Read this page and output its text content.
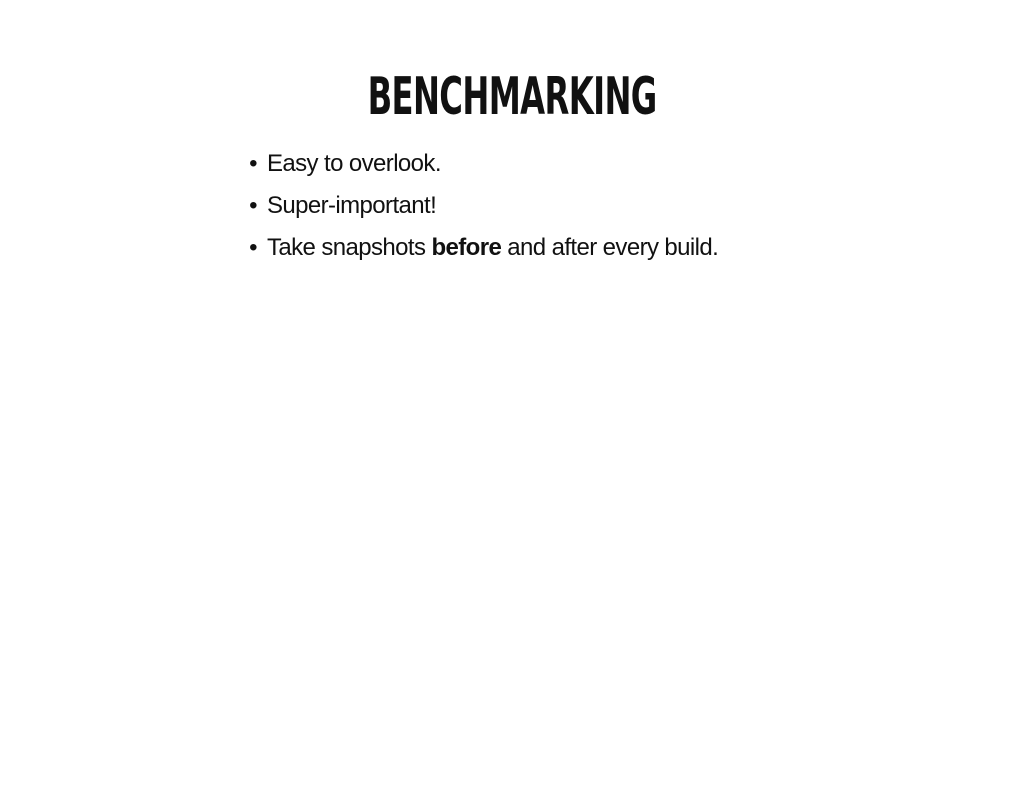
BENCHMARKING
• Easy to overlook.
• Super-important!
• Take snapshots before and after every build.
